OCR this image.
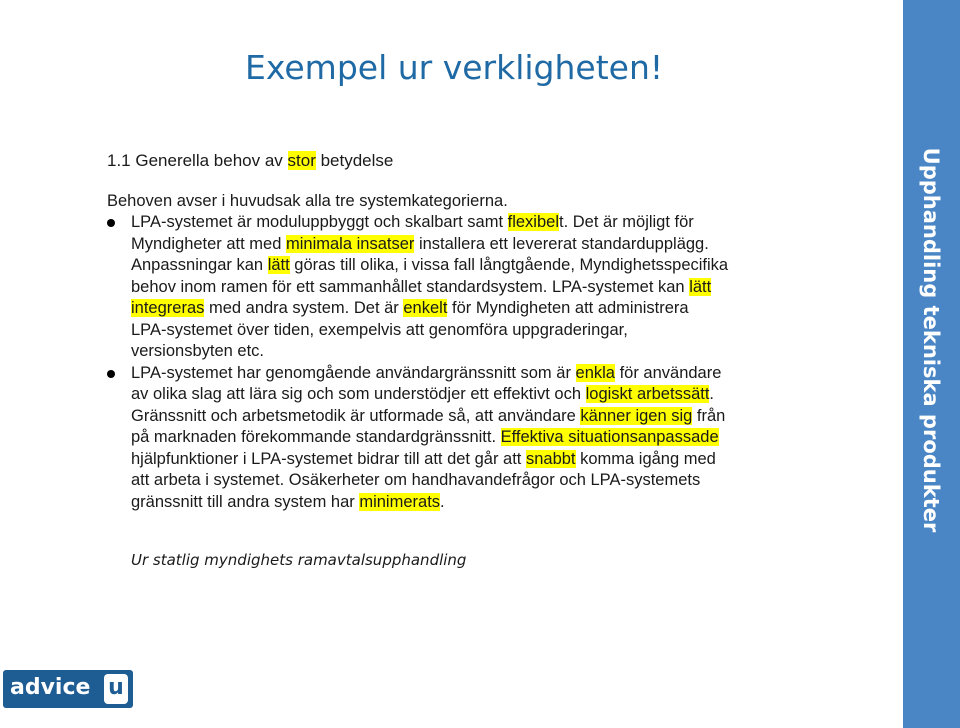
Exempel ur verkligheten!
1.1 Generella behov av stor betydelse
Behoven avser i huvudsak alla tre systemkategorierna.
LPA-systemet är moduluppbyggt och skalbart samt flexibelt. Det är möjligt för
Myndigheter att med minimala insatser installera ett levererat standardupplägg.
Anpassningar kan lätt göras till olika, i vissa fall långtgående, Myndighetsspecifika
behov inom ramen för ett sammanhållet standardsystem. LPA-systemet kan lätt
integreras med andra system. Det är enkelt för Myndigheten att administrera
LPA-systemet över tiden, exempelvis att genomföra uppgraderingar,
versionsbyten etc.
LPA-systemet har genomgående användargränssnitt som är enkla för användare
av olika slag att lära sig och som understödjer ett effektivt och logiskt arbetssätt.
Gränssnitt och arbetsmetodik är utformade så, att användare känner igen sig från
på marknaden förekommande standardgränssnitt. Effektiva situationsanpassade
hjälpfunktioner i LPA-systemet bidrar till att det går att snabbt komma igång med
att arbeta i systemet. Osäkerheter om handhavandefrågor och LPA-systemets
gränssnitt till andra system har minimerats.
Ur statlig myndighets ramavtalsupphandling
Upphandling tekniska produkter
advice u
